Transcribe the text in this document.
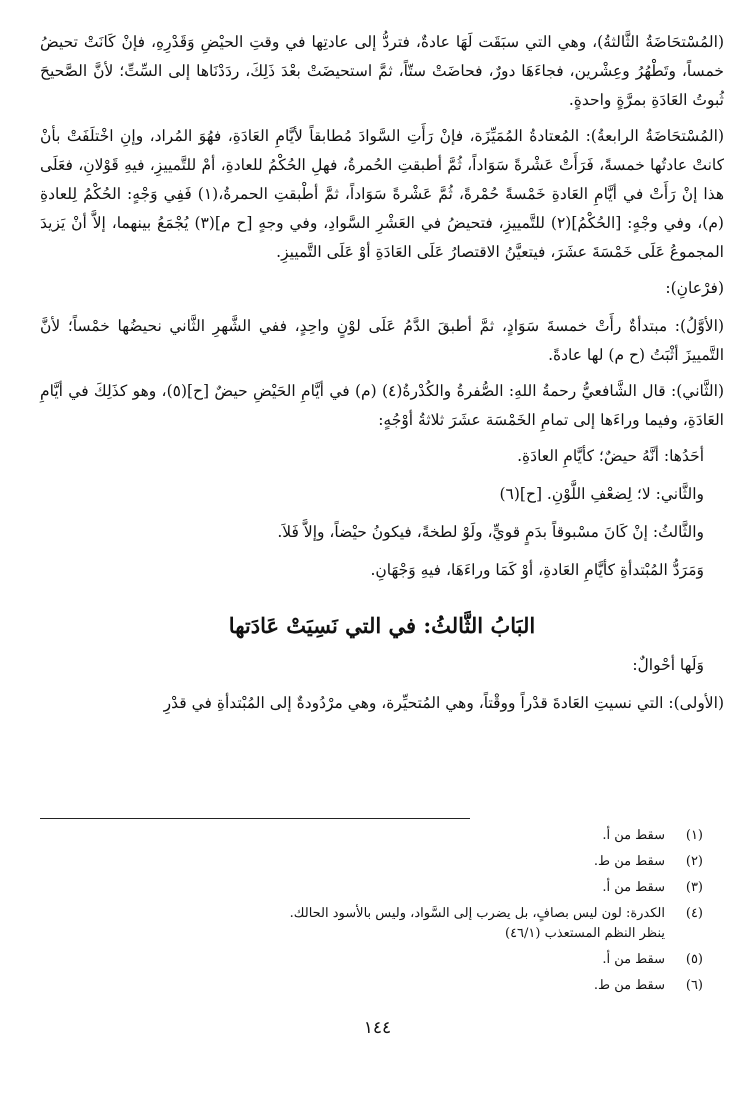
(المُسْتحَاضَةُ الثَّالثةُ)، وهي التي سبَقَت لَهَا عادةٌ، فتردُّ إلى عادتِها في وقتِ الحيْضِ وَقَدْرِهِ، فإنْ كَانَتْ تحيضُ خمساً، وتَطْهُرُ وعِشْرين، فجاءَهَا دورٌ، فحاضَتْ ستّاً، ثمَّ استحيضَتْ بعْدَ ذَلِكَ، ردَدْنَاها إلى السِّتِّ؛ لأنَّ الصَّحيحَ ثُبوتُ العَادَةِ بمرَّةٍ واحدةٍ.

(المُسْتحَاضَةُ الرابعةُ): المُعتادةُ المُمَيِّزَة، فإنْ رَأَتِ السَّوادَ مُطابقاً لأيَّامِ العَادَةِ، فهُوَ المُراد، وإنِ اخْتلَفَتْ بأنْ كانتْ عادتُها خمسةً، فَرَأَتْ عَشْرةً سَوَاداً، ثُمَّ أطبقتِ الحُمرةُ، فهلِ الحُكْمُ للعادةِ، أمْ للتَّمييزِ، فيهِ قَوْلانِ، فعَلَى هذا إنْ رَأَتْ في أيَّامِ العَادةِ خَمْسةً حُمْرةً، ثُمَّ عَشْرةً سَوَاداً، ثمَّ أطْبقتِ الحمرةُ،(١) فَفِي وَجْهٍ: الحُكْمُ لِلعادةِ (م)، وفي وجْهٍ: [الحُكْمُ](٢) للتَّمييزِ، فتحيضُ في العَشْرِ السَّوادِ، وفي وجهٍ [ح م](٣) يُجْمَعُ بينهما، إلاَّ أنْ يَزيدَ المجموعُ عَلَى خَمْسَةَ عشَرَ، فيتعيَّنُ الاقتصارُ عَلَى العَادَةِ أوْ عَلَى التَّمييزِ.

(فرْعانِ):

(الأوَّلُ): مبتدأةٌ رأَتْ خمسةَ سَوَادٍ، ثمَّ أطبقَ الدَّمُ عَلَى لوْنٍ واحِدٍ، ففي الشَّهرِ الثَّاني نحيضُها خمْساً؛ لأنَّ التَّمييزَ أثْبَتُ (ح م) لها عادةً.

(الثَّاني): قال الشَّافعيُّ رحمةُ اللهِ: الصُّفرةُ والكُدْرةُ(٤) (م) في أيَّامِ الحَيْضِ حيضٌ [ح](٥)، وهو كذَلِكَ في أيَّامِ العَادَةِ، وفيما وراءَها إلى تمامِ الخَمْسَة عشَرَ ثلاثةُ أوْجُهٍ:

أحَدُها: أنَّهُ حيضٌ؛ كأيَّامِ العادَةِ.

والثَّاني: لا؛ لِضعْفِ اللَّوْنِ. [ح](٦)

والثَّالثُ: إنْ كَانَ مسْبوقاً بدَمٍ قويٍّ، ولَوْ لطخةً، فيكونُ حيْضاً، وإلاَّ فَلاَ.

وَمَرَدُّ المُبْتدأةِ كأيَّامِ العَادةِ، أوْ كَمَا وراءَهَا، فيهِ وَجْهَانِ.

البَابُ الثَّالثُ: في التي نَسِيَتْ عَادَتها

وَلَها أحْوالٌ:

(الأولى): التي نسيتِ العَادةَ قدْراً ووقْتاً، وهي المُتحيِّرة، وهي مرْدُودةٌ إلى المُبْتدأةِ في قدْرِ

(١)
سقط من أ.
(٢)
سقط من ط.
(٣)
سقط من أ.
(٤)
الكدرة: لون ليس بصافٍ، بل يضرب إلى السَّواد، وليس بالأسود الحالك.
ينظر النظم المستعذب (٤٦/١)
(٥)
سقط من أ.
(٦)
سقط من ط.
١٤٤
